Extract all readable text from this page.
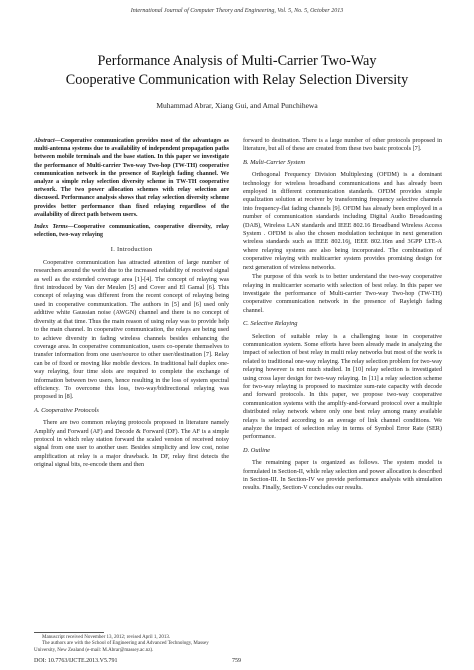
International Journal of Computer Theory and Engineering, Vol. 5, No. 5, October 2013
Performance Analysis of Multi-Carrier Two-Way
Cooperative Communication with Relay Selection Diversity
Muhammad Abrar, Xiang Gui, and Amal Punchihewa

Abstract—Cooperative communication provides most of the advantages as multi-antenna systems due to availability of independent propagation paths between mobile terminals and the base station. In this paper we investigate the performance of Multi-carrier Two-way Two-hop (TW-TH) cooperative communication network in the presence of Rayleigh fading channel. We analyze a simple relay selection diversity scheme in TW-TH cooperative network. The two power allocation schemes with relay selection are discussed. Performance analysis shows that relay selection diversity scheme provides better performance than fixed relaying regardless of the availability of direct path between users.

Index Terms—Cooperative communication, cooperative diversity, relay selection, two-way relaying

I. Introduction

Cooperative communication has attracted attention of large number of researchers around the world due to the increased reliability of received signal as well as the extended coverage area [1]-[4]. The concept of relaying was first introduced by Van der Meulen [5] and Cover and El Gamal [6]. This concept of relaying was different from the recent concept of relaying being used in cooperative communication. The authors in [5] and [6] used only additive white Gaussian noise (AWGN) channel and there is no concept of diversity at that time. Thus the main reason of using relay was to provide help to the main channel. In cooperative communication, the relays are being used to achieve diversity in fading wireless channels besides enhancing the coverage area. In cooperative communication, users co-operate themselves to transfer information from one user/source to other user/destination [7]. Relay can be of fixed or moving like mobile devices. In traditional half duplex one-way relaying, four time slots are required to complete the exchange of information between two users, hence resulting in the loss of system spectral efficiency. To overcome this loss, two-way/bidirectional relaying was proposed in [8].

A. Cooperative Protocols

There are two common relaying protocols proposed in literature namely Amplify and Forward (AF) and Decode & Forward (DF). The AF is a simple protocol in which relay station forward the scaled version of received noisy signal from one user to another user. Besides simplicity and low cost, noise amplification at relay is a major drawback. In DF, relay first detects the original signal bits, re-encode them and then

forward to destination. There is a large number of other protocols proposed in literature, but all of these are created from these two basic protocols [7].

B. Multi-Carrier System

Orthogonal Frequency Division Multiplexing (OFDM) is a dominant technology for wireless broadband communications and has already been employed in different communication standards. OFDM provides simple equalization solution at receiver by transforming frequency selective channels into frequency-flat fading channels [9]. OFDM has already been employed in a number of communication standards including Digital Audio Broadcasting (DAB), Wireless LAN standards and IEEE 802.16 Broadband Wireless Access System . OFDM is also the chosen modulation technique in next generation wireless standards such as IEEE 802.16j, IEEE 802.16m and 3GPP LTE-A where relaying systems are also being incorporated. The combination of cooperative relaying with multicarrier system provides promising design for next generation of wireless networks.

The purpose of this work is to better understand the two-way cooperative relaying in multicarrier scenario with selection of best relay. In this paper we investigate the performance of Multi-carrier Two-way Two-hop (TW-TH) cooperative communication network in the presence of Rayleigh fading channel.

C. Selective Relaying

Selection of suitable relay is a challenging issue in cooperative communication system. Some efforts have been already made in analyzing the impact of selection of best relay in multi relay networks but most of the work is related to traditional one-way relaying. The relay selection problem for two-way relaying however is not much studied. In [10] relay selection is investigated using cross layer design for two-way relaying. In [11] a relay selection scheme for two-way relaying is proposed to maximize sum-rate capacity with decode and forward protocols. In this paper, we propose two-way cooperative communication systems with the amplify-and-forward protocol over a multiple distributed relay network where only one best relay among many available relays is selected according to an average of link channel conditions. We analyze the impact of selection relay in terms of Symbol Error Rate (SER) performance.

D. Outline

The remaining paper is organized as follows. The system model is formulated in Section-II, while relay selection and power allocation is described in Section-III. In Section-IV we provide performance analysis with simulation results. Finally, Section-V concludes our results.

Manuscript received November 13, 2012; revised April 1, 2013.

The authors are with the School of Engineering and Advanced Technology, Massey University, New Zealand (e-mail: M.Abrar@massey.ac.nz).

DOI: 10.7763/IJCTE.2013.V5.791	759
